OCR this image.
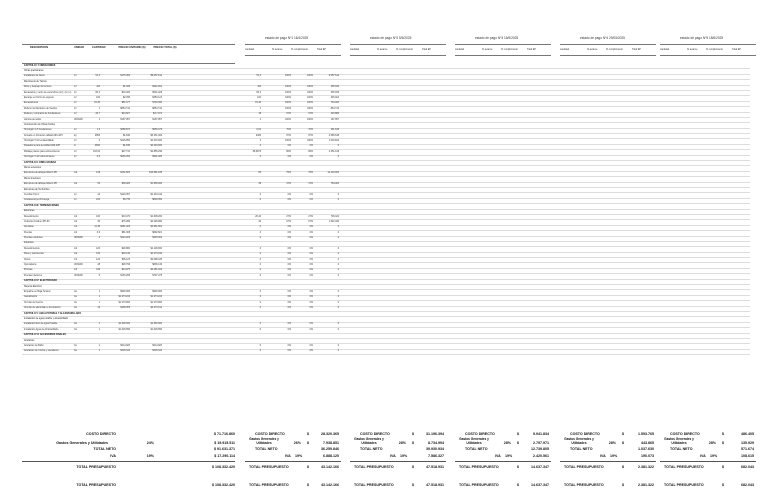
DESCRIPCION	UNIDAD	CANTIDAD	PRECIO UNITARIO ($)	PRECIO TOTAL ($)
estado de pago Nº1 16/4/2025	estado de pago Nº2 5/5/2025	estado de pago Nº3 16/5/2025	estado de pago Nº4 29/05/2025	estado de pago Nº5 18/6/2025
cantidad	% avance	% cumplimiento	Total EP	cantidad	% avance	% cumplimiento	Total EP	cantidad	% avance	% cumplimiento	Total EP	cantidad	% avance	% cumplimiento	Total EP	cantidad	% avance	% cumplimiento	Total EP
CAPITULO I: FUNDACIONES
Obras preliminares
Instalacion de faena	m²	51,3	$176.400	$9.057.614	51,3	100%	100%	9.057.614
Movimiento de Tierras
Rocé y despeje del terreno	m²	110	$1.409	$442.491	110	100%	100%	155.040
Excavación y retiro de escombros (m³), (A o c) m²	80,3	$10.400	$501.408	80,3	100%	100%	335.039
Escarpe en 10cm de espesor	m²	100	$2.450	$353.124	100	100%	100%	245.024
Excavaciones	m³	15,40	$51.477	$794.490	15,40	100%	100%	794.490
Relleno de Mecánico de Sueltos	m³	1	$864.744	$864.744	1	100%	100%	864.744
Relleno y compacto de fundaciones	m³	26,7	$13.827	$3.7.074	18	67%	67%	248.886
Lámina de sellos	UNIDAD	1	$167.957	$167.957	1	100%	100%	167.957
Construcción de Obras Civiles
Hormigón G-5 fundaciones	m³	1,3	$388.873	$559.479	0,91	70%	70%	391.635
Armado en Cimiento calidad A63-42H	kg	2850	$1.840	$5.251.000	2480	87%	87%	4.566.648
Hormigón H-10 emplantillado	m³	4	$126.950	$1.016.824	4	100%	100%	1.016.824
Pasadores para la calidad A63-42H	m	4600	$1.830	$2.304.000	4	0%	0%	0
Moldaje planos para sobrecimiento	m²	103,02	$27.710	$2.855.299	88,3876	86%	86%	2.451.108
Hormigón H-20 sobrecimiento	m³	2,5	$250.452	$901.485	0	0%	0%	0
CAPITULO II: OBRA GRUESA
Muros exteriores
Estructura de tabique Eberto D5	m2	149	$131.803	$16.581.188	80	75%	75%	12.123.000
Muros Interiores
Estructura de tabique Eberto D5	m2	54	$38.020	$1.659.000	39	47%	47%	784.000
Estructura de Techumbre
Cerchas Tipo 1	m²	12	$120.357	$1.443.444	0	0%	0%	0
Costaneras perfil omega	m²	210	$5.755	$849.350	0	0%	0%	0
CAPITULO III: TERMINACIONES
Exteriores
Revestimiento	m2	100	$13.470	$1.608.200	26,43	27%	27%	706.422
Cubierta zincalum PP-60	m2	30	$76.280	$2.228.960	20	67%	67%	1.522.460
Ventanas	m2	11,36	$281.400	$2.951.801	0	0%	0%	0
Puertas	m2	3,6	$81.308	$892.821	0	0%	0%	0
Puertas exteriores	UNIDAD	2	$224.226	$448.462	0	0%	0%	0
Interiores
Revestimientos	m2	120	$20.800	$2.128.000	0	0%	0%	0
Pisos y pavimentos	m2	140	$30.130	$4.273.032	0	0%	0%	0
Cielos	m2	142	$35.123	$2.098.426	0	0%	0%	0
Quincallería	UNIDAD	28	$28.796	$806.130	0	0%	0%	0
Pinturas	m2	139	$14.975	$2.081.403	0	0%	0%	0
Puertas interiores	UNIDAD	5	$153.295	$767.475	0	0%	0%	0
CAPITULO IV: ELECTRICIDAD
Sistema Eléctrico
Empalme en Baja Tension	GL	1	$900.000	$900.000	0	0%	0%	0
Canalización	GL	1	$1.273.224	$1.273.224	0	0%	0%	0
Circuito de Fuerza	GL	1	$1.273.800	$1.273.800	0	0%	0%	0
Circuito de alumbrado e iluminación	GL	12	$198.355	$2.273.312	0	0%	0%	0
CAPITULO V: AGUA POTABLE Y ALCANTARILLADO
Instalación de agua potable y alcantarillado
Instalación Red de Agua Potable	GL	1	$1.408.000	$1.350.000	0	0%	0%	0
Instalación Agua de Alcantarillado	GL	1	$1.026.850	$1.026.850	0	0%	0%	0
CAPITULO VI: ACCESORIOS FINALES
Artefactos
Artefactos de Baño	GL	1	$314.920	$314.920	0	0%	0%	0
Artefactos de Cocina y Lavaderos	GL	1	$318.043	$318.043	0	0%	0%	0
COSTO DIRECTO	$ 71.716.860
Gastos Generales y Utilidades	24%	$ 19.915.511
TOTAL NETO	$ 91.631.371
IVA	19%	$ 17.290.114
TOTAL PRESUPUESTO	$ 108.332.420
TOTAL PRESUPUESTO	$ 108.332.420
COSTO DIRECTO	$	28.320.365
Gastos Generales y Utilidades	26% $	7.938.851
TOTAL NETO	36.259.846
IVA	19%	6.888.120
TOTAL PRESUPUESTO	$	43.142.166
TOTAL PRESUPUESTO	$	43.142.166
COSTO DIRECTO	$	31.196.394
Gastos Generales y Utilidades	28% $	8.734.994
TOTAL NETO	39.930.934
IVA	19%	7.586.327
TOTAL PRESUPUESTO	$	47.518.931
TOTAL PRESUPUESTO	$	47.518.931
COSTO DIRECTO	$	9.941.834
Gastos Generales y Utilidades	28% $	2.797.971
TOTAL NETO	12.739.805
IVA	19%	2.420.561
TOTAL PRESUPUESTO	$	14.637.347
TOTAL PRESUPUESTO	$	14.637.347
COSTO DIRECTO	$	1.593.765
Gastos Generales y Utilidades	28% $	443.865
TOTAL NETO	1.037.630
IVA	19%	190.073
TOTAL PRESUPUESTO	$	2.381.322
TOTAL PRESUPUESTO	$	2.381.322
COSTO DIRECTO	$	486.405
Gastos Generales y Utilidades	28% $	135.929
TOTAL NETO	571.674
IVA	19%	108.615
TOTAL PRESUPUESTO	$	682.043
TOTAL PRESUPUESTO	$	682.043
